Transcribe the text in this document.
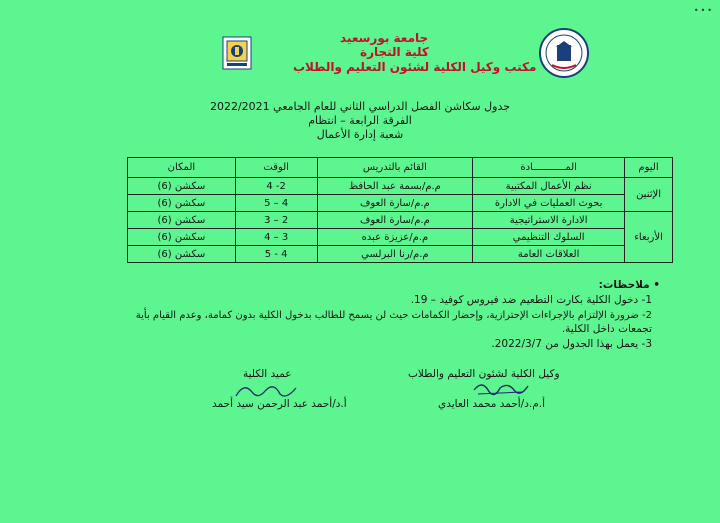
•••
جامعة بورسعيد
كلية التجارة
مكتب وكيل الكلية لشئون التعليم والطلاب
جدول سكاشن الفصل الدراسي الثاني للعام الجامعي 2022/2021
الفرقة الرابعة – انتظام
شعبة إدارة الأعمال
اليوم	المـــــــــــادة	القائم بالتدريس	الوقت	المكان
الإثنين	نظم الأعمال المكتبية	م.م/بسمة عبد الحافظ	2- 4	سكشن (6)
	بحوث العمليات في الادارة	م.م/سارة العوف	4 – 5	سكشن (6)
الأربعاء	الادارة الاستراتيجية	م.م/سارة العوف	2 – 3	سكشن (6)
	السلوك التنظيمي	م.م/عزيزة عبده	3 – 4	سكشن (6)
	العلاقات العامة	م.م/رنا البرلسي	4 - 5	سكشن (6)
• ملاحظات:
1- دخول الكلية بكارت التطعيم ضد فيروس كوفيد – 19.
2- ضرورة الإلتزام بالإجراءات الإحترازية، وإحضار الكمامات حيث لن يسمح للطالب بدخول الكلية بدون كمامة، وعدم القيام بأية
تجمعات داخل الكلية.
3- يعمل بهذا الجدول من 2022/3/7.
وكيل الكلية لشئون التعليم والطلاب
أ.م.د/أحمد محمد العايدي
عميد الكلية
أ.د/أحمد عبد الرحمن سيد أحمد
